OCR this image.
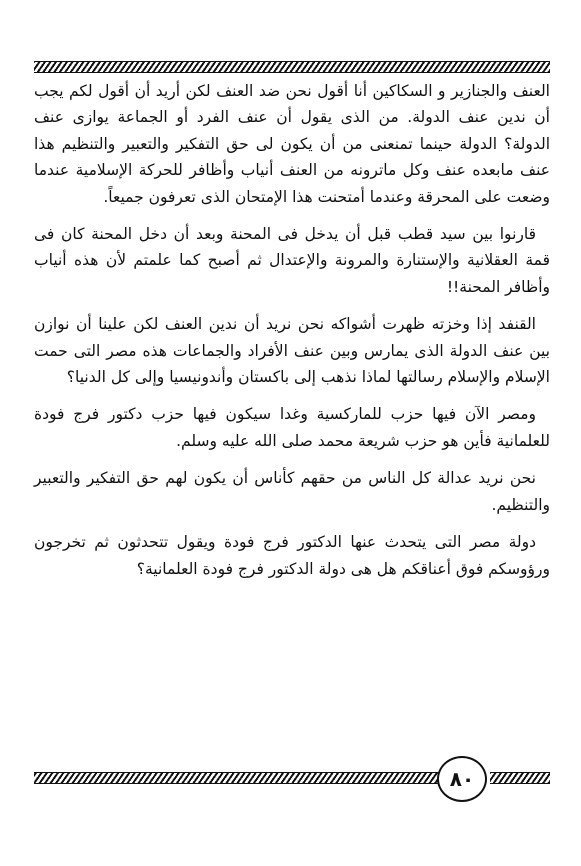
العنف والجنازير و السكاكين أنا أقول نحن ضد العنف لكن أريد أن أقول لكم يجب أن ندين عنف الدولة. من الذى يقول أن عنف الفرد أو الجماعة يوازى عنف الدولة؟ الدولة حينما تمنعنى من أن يكون لى حق التفكير والتعبير والتنظيم هذا عنف مابعده عنف وكل ماترونه من العنف أنياب وأظافر للحركة الإسلامية عندما وضعت على المحرقة وعندما أمتحنت هذا الإمتحان الذى تعرفون جميعاً.

قارنوا بين سيد قطب قبل أن يدخل فى المحنة وبعد أن دخل المحنة كان فى قمة العقلانية والإستنارة والمرونة والإعتدال ثم أصبح كما علمتم لأن هذه أنياب وأظافر المحنة!!

القنفد إذا وخزته ظهرت أشواكه نحن نريد أن ندين العنف لكن علينا أن نوازن بين عنف الدولة الذى يمارس وبين عنف الأفراد والجماعات هذه مصر التى حمت الإسلام والإسلام رسالتها لماذا نذهب إلى باكستان وأندونيسيا وإلى كل الدنيا؟

ومصر الآن فيها حزب للماركسية وغدا سيكون فيها حزب دكتور فرج فودة للعلمانية فأين هو حزب شريعة محمد صلى الله عليه وسلم.

نحن نريد عدالة كل الناس من حقهم كأناس أن يكون لهم حق التفكير والتعبير والتنظيم.

دولة مصر التى يتحدث عنها الدكتور فرج فودة ويقول تتحدثون ثم تخرجون ورؤوسكم فوق أعناقكم هل هى دولة الدكتور فرج فودة العلمانية؟

٨٠
